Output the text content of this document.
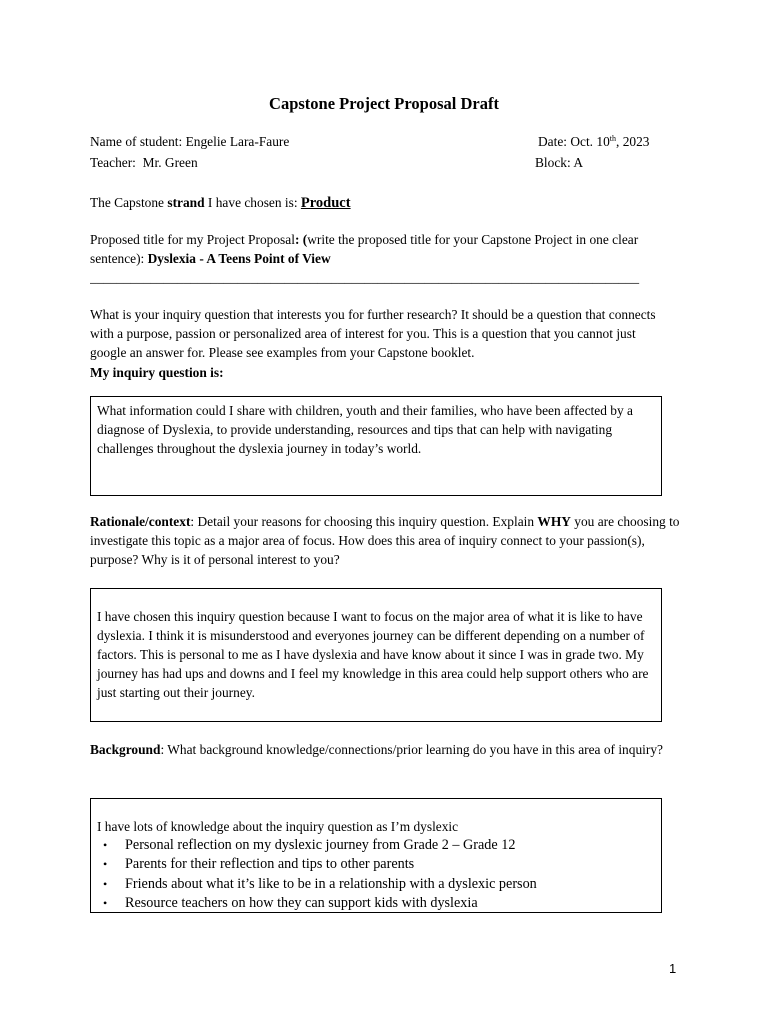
Capstone Project Proposal Draft
Name of student: Engelie Lara-Faure	Date: Oct. 10th, 2023
Teacher: Mr. Green	Block: A
The Capstone strand I have chosen is: Product
Proposed title for my Project Proposal: (write the proposed title for your Capstone Project in one clear sentence): Dyslexia - A Teens Point of View
__________________________________________________________________________________
What is your inquiry question that interests you for further research? It should be a question that connects with a purpose, passion or personalized area of interest for you. This is a question that you cannot just google an answer for. Please see examples from your Capstone booklet.
My inquiry question is:
What information could I share with children, youth and their families, who have been affected by a diagnose of Dyslexia, to provide understanding, resources and tips that can help with navigating challenges throughout the dyslexia journey in today’s world.
Rationale/context: Detail your reasons for choosing this inquiry question. Explain WHY you are choosing to investigate this topic as a major area of focus. How does this area of inquiry connect to your passion(s), purpose? Why is it of personal interest to you?
I have chosen this inquiry question because I want to focus on the major area of what it is like to have dyslexia. I think it is misunderstood and everyones journey can be different depending on a number of factors. This is personal to me as I have dyslexia and have know about it since I was in grade two. My journey has had ups and downs and I feel my knowledge in this area could help support others who are just starting out their journey.
Background: What background knowledge/connections/prior learning do you have in this area of inquiry?
I have lots of knowledge about the inquiry question as I’m dyslexic
• Personal reflection on my dyslexic journey from Grade 2 – Grade 12
• Parents for their reflection and tips to other parents
• Friends about what it’s like to be in a relationship with a dyslexic person
• Resource teachers on how they can support kids with dyslexia
1
